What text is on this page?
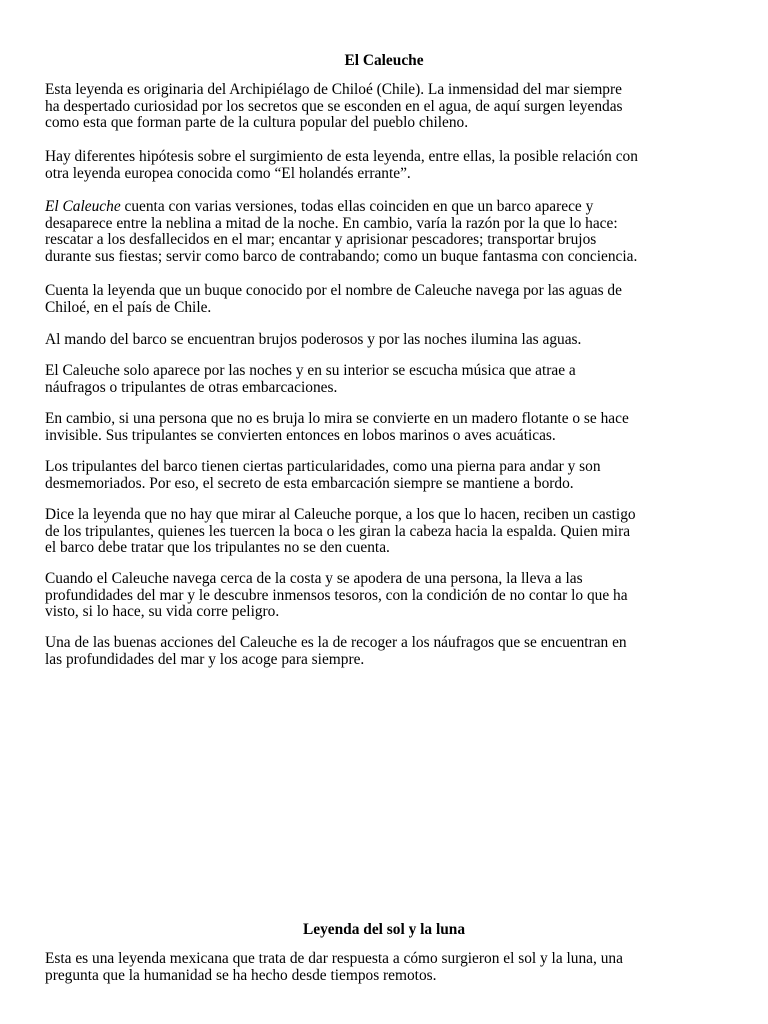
El Caleuche

Esta leyenda es originaria del Archipiélago de Chiloé (Chile). La inmensidad del mar siempre
ha despertado curiosidad por los secretos que se esconden en el agua, de aquí surgen leyendas
como esta que forman parte de la cultura popular del pueblo chileno.

Hay diferentes hipótesis sobre el surgimiento de esta leyenda, entre ellas, la posible relación con
otra leyenda europea conocida como “El holandés errante”.

El Caleuche cuenta con varias versiones, todas ellas coinciden en que un barco aparece y
desaparece entre la neblina a mitad de la noche. En cambio, varía la razón por la que lo hace:
rescatar a los desfallecidos en el mar; encantar y aprisionar pescadores; transportar brujos
durante sus fiestas; servir como barco de contrabando; como un buque fantasma con conciencia.

Cuenta la leyenda que un buque conocido por el nombre de Caleuche navega por las aguas de
Chiloé, en el país de Chile.

Al mando del barco se encuentran brujos poderosos y por las noches ilumina las aguas.

El Caleuche solo aparece por las noches y en su interior se escucha música que atrae a
náufragos o tripulantes de otras embarcaciones.

En cambio, si una persona que no es bruja lo mira se convierte en un madero flotante o se hace
invisible. Sus tripulantes se convierten entonces en lobos marinos o aves acuáticas.

Los tripulantes del barco tienen ciertas particularidades, como una pierna para andar y son
desmemoriados. Por eso, el secreto de esta embarcación siempre se mantiene a bordo.

Dice la leyenda que no hay que mirar al Caleuche porque, a los que lo hacen, reciben un castigo
de los tripulantes, quienes les tuercen la boca o les giran la cabeza hacia la espalda. Quien mira
el barco debe tratar que los tripulantes no se den cuenta.

Cuando el Caleuche navega cerca de la costa y se apodera de una persona, la lleva a las
profundidades del mar y le descubre inmensos tesoros, con la condición de no contar lo que ha
visto, si lo hace, su vida corre peligro.

Una de las buenas acciones del Caleuche es la de recoger a los náufragos que se encuentran en
las profundidades del mar y los acoge para siempre.

Leyenda del sol y la luna

Esta es una leyenda mexicana que trata de dar respuesta a cómo surgieron el sol y la luna, una
pregunta que la humanidad se ha hecho desde tiempos remotos.
